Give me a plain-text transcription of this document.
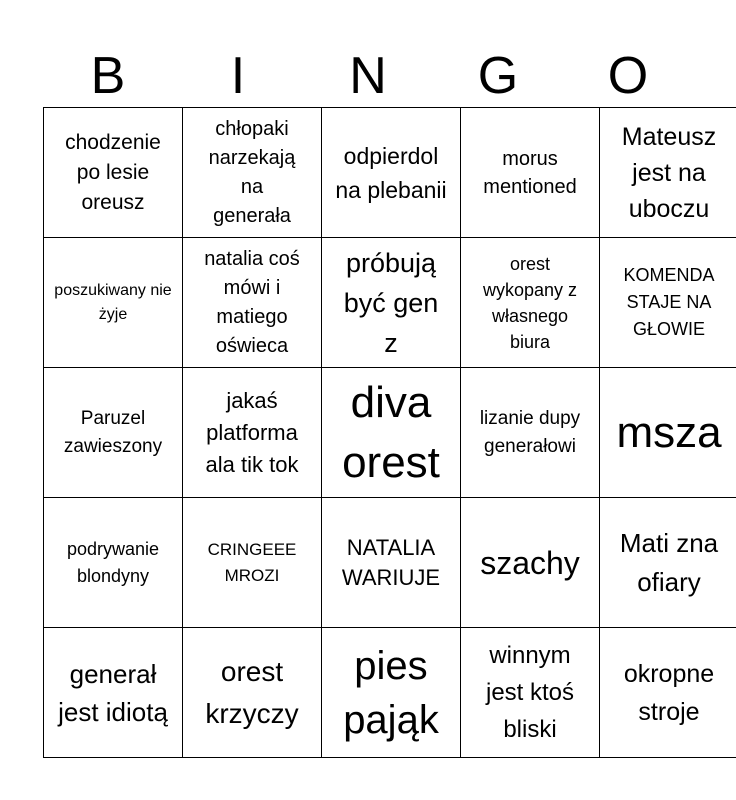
B	I	N	G	O
chodzenie po lesie oreusz	chłopaki narzekają na generała	odpierdol na plebanii	morus mentioned	Mateusz jest na uboczu
poszukiwany nie żyje	natalia coś mówi i matiego oświeca	próbują być gen z	orest wykopany z własnego biura	KOMENDA STAJE NA GŁOWIE
Paruzel zawieszony	jakaś platforma ala tik tok	diva orest	lizanie dupy generałowi	msza
podrywanie blondyny	CRINGEEE MROZI	NATALIA WARIUJE	szachy	Mati zna ofiary
generał jest idiotą	orest krzyczy	pies pająk	winnym jest ktoś bliski	okropne stroje
